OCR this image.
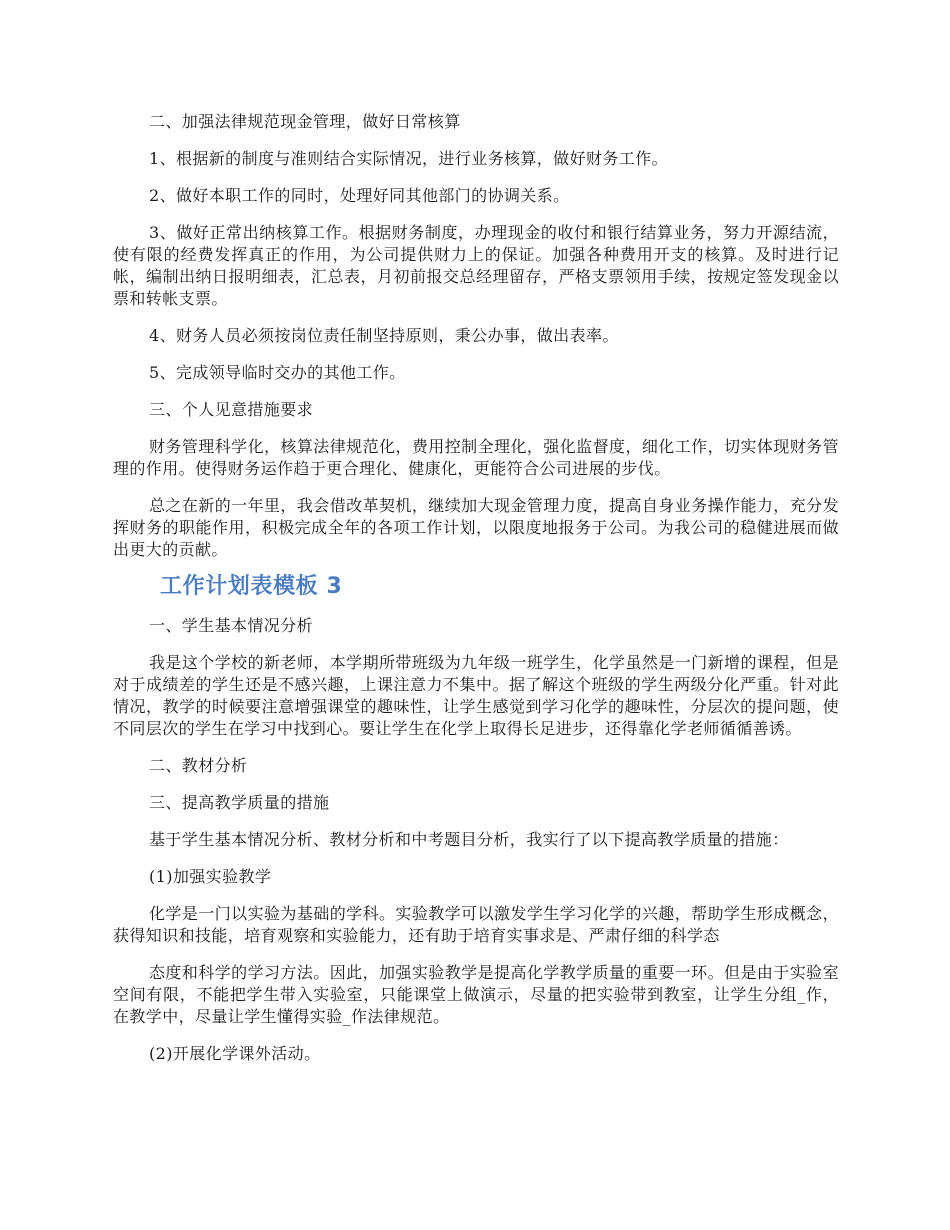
二、加强法律规范现金管理，做好日常核算

1、根据新的制度与准则结合实际情况，进行业务核算，做好财务工作。

2、做好本职工作的同时，处理好同其他部门的协调关系。

3、做好正常出纳核算工作。根据财务制度，办理现金的收付和银行结算业务，努力开源结流，使有限的经费发挥真正的作用，为公司提供财力上的保证。加强各种费用开支的核算。及时进行记帐，编制出纳日报明细表，汇总表，月初前报交总经理留存，严格支票领用手续，按规定签发现金以票和转帐支票。

4、财务人员必须按岗位责任制坚持原则，秉公办事，做出表率。

5、完成领导临时交办的其他工作。

三、个人见意措施要求

财务管理科学化，核算法律规范化，费用控制全理化，强化监督度，细化工作，切实体现财务管理的作用。使得财务运作趋于更合理化、健康化，更能符合公司进展的步伐。

总之在新的一年里，我会借改革契机，继续加大现金管理力度，提高自身业务操作能力，充分发挥财务的职能作用，积极完成全年的各项工作计划，以限度地报务于公司。为我公司的稳健进展而做出更大的贡献。

工作计划表模板 3

一、学生基本情况分析

我是这个学校的新老师，本学期所带班级为九年级一班学生，化学虽然是一门新增的课程，但是对于成绩差的学生还是不感兴趣，上课注意力不集中。据了解这个班级的学生两级分化严重。针对此情况，教学的时候要注意增强课堂的趣味性，让学生感觉到学习化学的趣味性，分层次的提问题，使不同层次的学生在学习中找到心。要让学生在化学上取得长足进步，还得靠化学老师循循善诱。

二、教材分析

三、提高教学质量的措施

基于学生基本情况分析、教材分析和中考题目分析，我实行了以下提高教学质量的措施：

(1)加强实验教学

化学是一门以实验为基础的学科。实验教学可以激发学生学习化学的兴趣，帮助学生形成概念，获得知识和技能，培育观察和实验能力，还有助于培育实事求是、严肃仔细的科学态

态度和科学的学习方法。因此，加强实验教学是提高化学教学质量的重要一环。但是由于实验室空间有限，不能把学生带入实验室，只能课堂上做演示，尽量的把实验带到教室，让学生分组_作，在教学中，尽量让学生懂得实验_作法律规范。

(2)开展化学课外活动。
